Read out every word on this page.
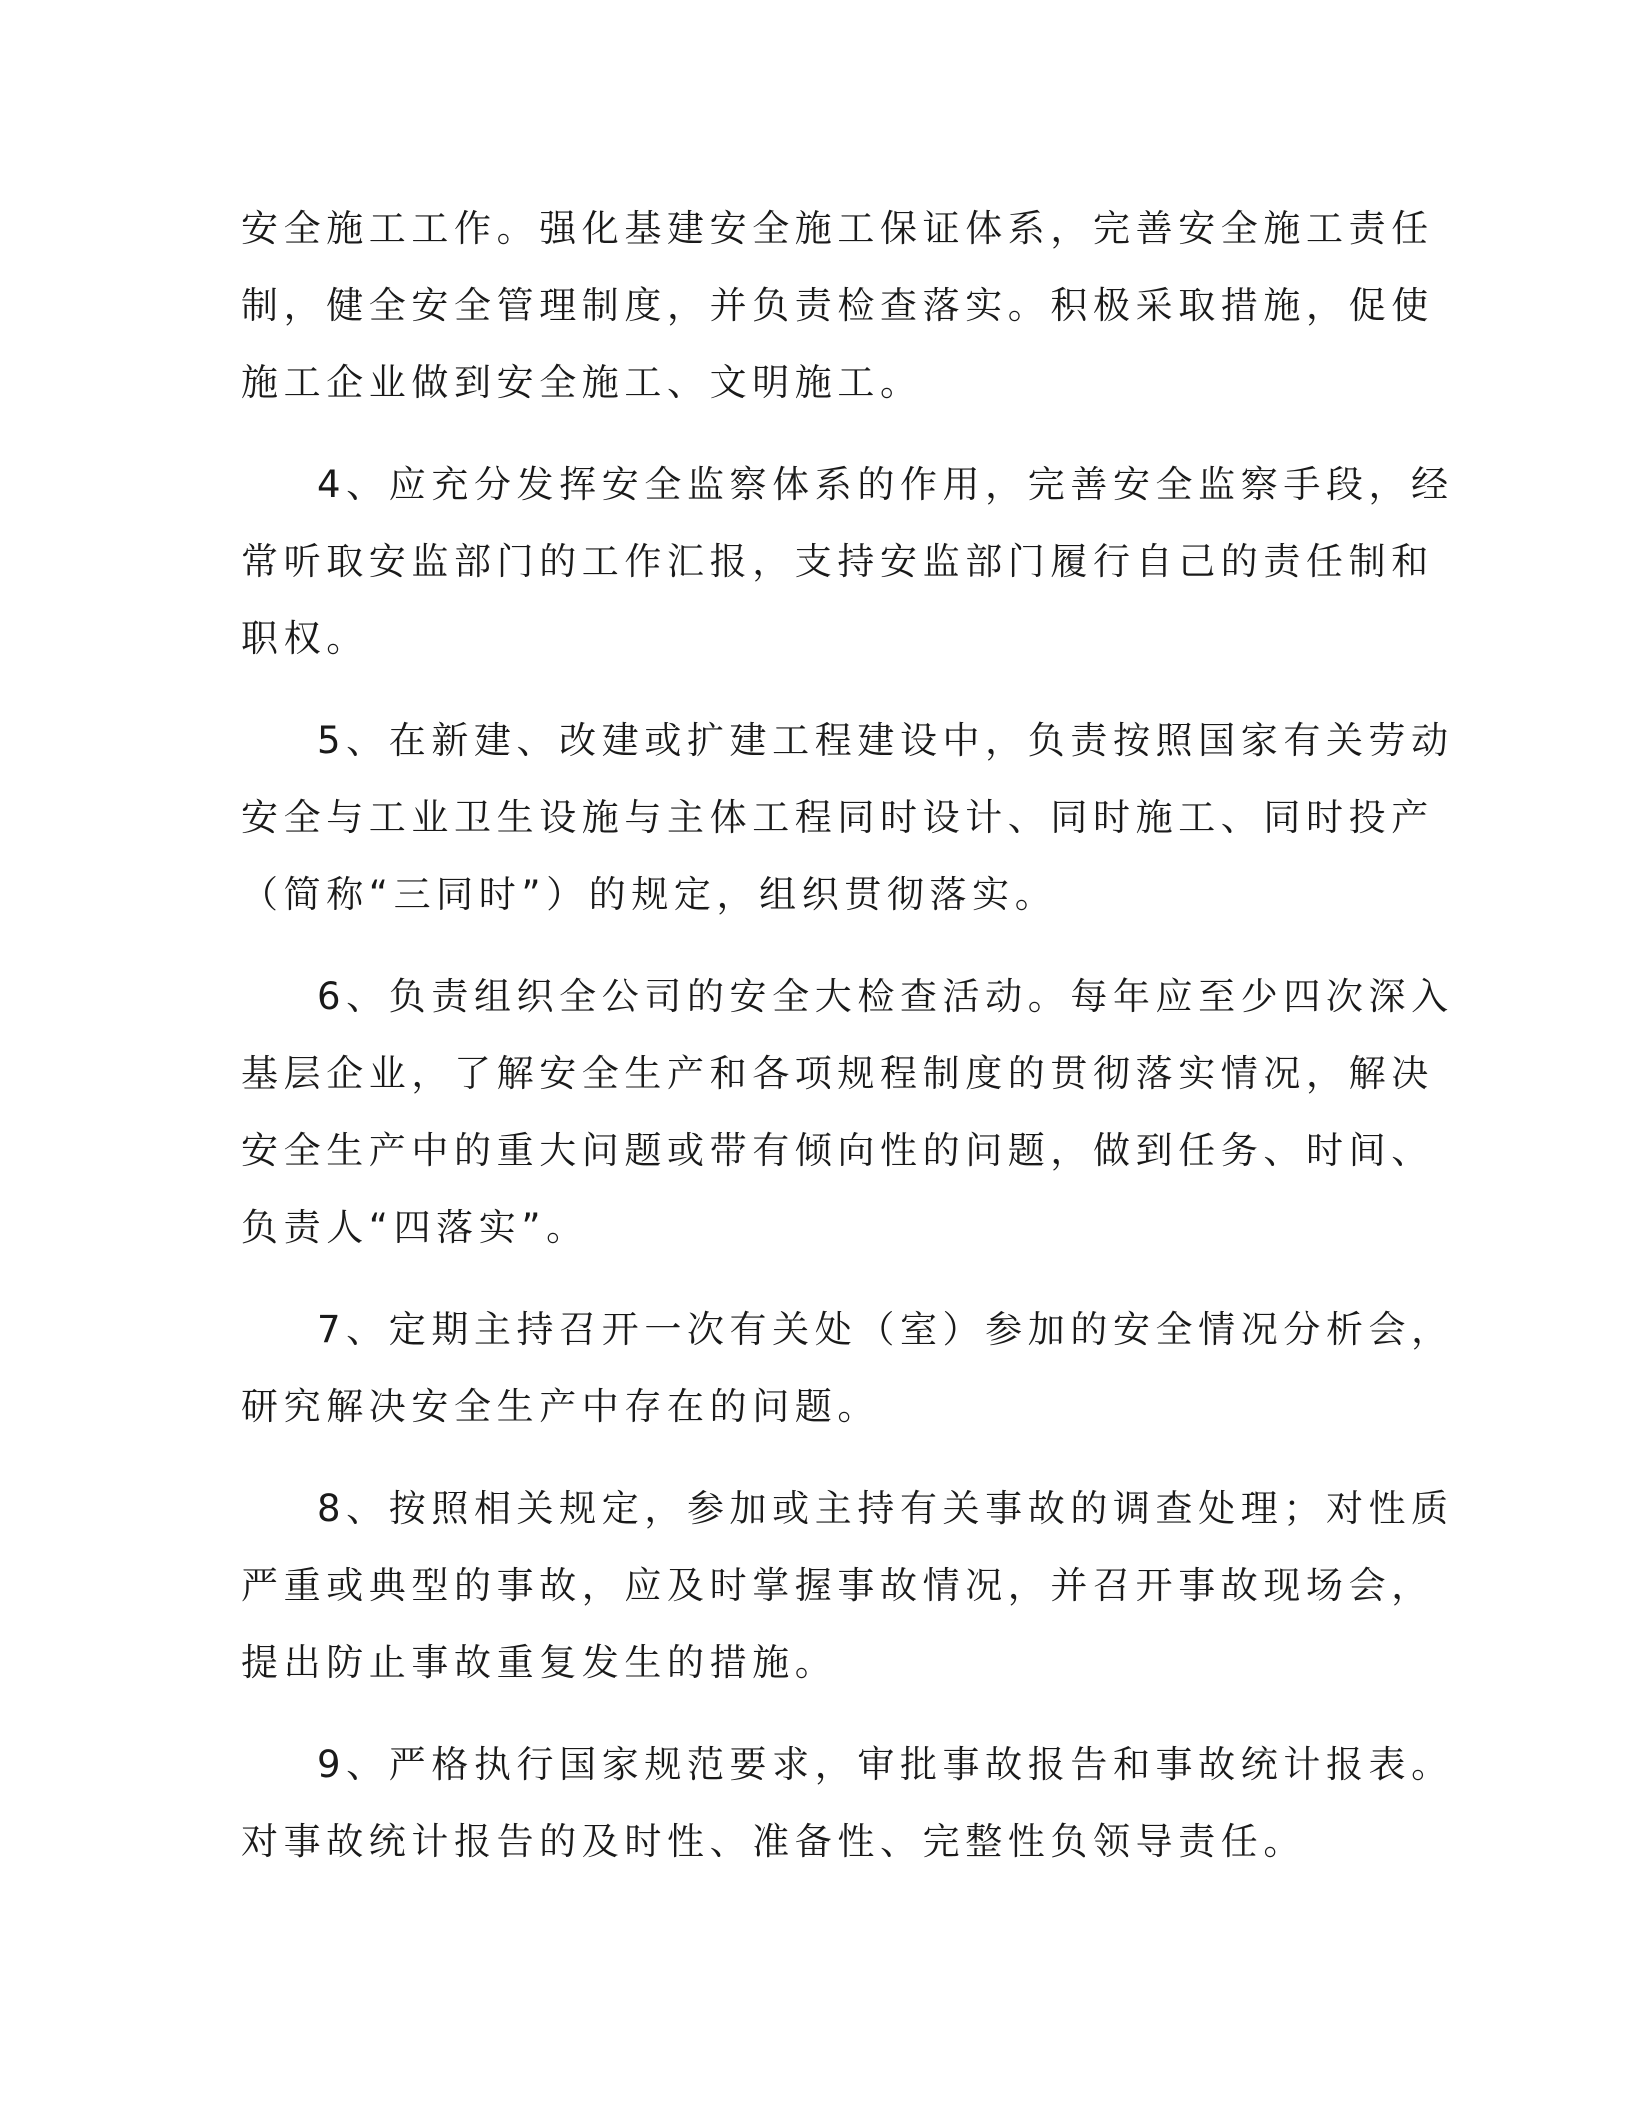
安全施工工作。强化基建安全施工保证体系，完善安全施工责任
制，健全安全管理制度，并负责检查落实。积极采取措施，促使
施工企业做到安全施工、文明施工。

4、应充分发挥安全监察体系的作用，完善安全监察手段，经
常听取安监部门的工作汇报，支持安监部门履行自己的责任制和
职权。

5、在新建、改建或扩建工程建设中，负责按照国家有关劳动
安全与工业卫生设施与主体工程同时设计、同时施工、同时投产
（简称“三同时”）的规定，组织贯彻落实。

6、负责组织全公司的安全大检查活动。每年应至少四次深入
基层企业，了解安全生产和各项规程制度的贯彻落实情况，解决
安全生产中的重大问题或带有倾向性的问题，做到任务、时间、
负责人“四落实”。

7、定期主持召开一次有关处（室）参加的安全情况分析会，
研究解决安全生产中存在的问题。

8、按照相关规定，参加或主持有关事故的调查处理；对性质
严重或典型的事故，应及时掌握事故情况，并召开事故现场会，
提出防止事故重复发生的措施。

9、严格执行国家规范要求，审批事故报告和事故统计报表。
对事故统计报告的及时性、准备性、完整性负领导责任。
